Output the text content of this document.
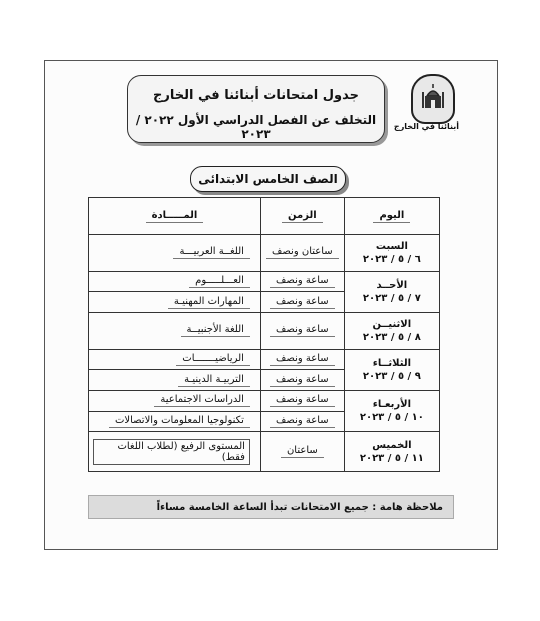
أبنائنا في الخارج
جدول امتحانات أبنائنا في الخارج
التخلف عن الفصل الدراسي الأول ٢٠٢٢ / ٢٠٢٣
الصف الخامس الابتدائى
اليوم	الزمن	المـــــادة

السبت
٦ / ٥ / ٢٠٢٣	ساعتان ونصف	اللغــة العربيـــة

الأحــد
٧ / ٥ / ٢٠٢٣	ساعة ونصف	العـــلـــــوم
	ساعة ونصف	المهارات المهنيـة

الاثنيــن
٨ / ٥ / ٢٠٢٣	ساعة ونصف	اللغة الأجنبيــة

الثلاثــاء
٩ / ٥ / ٢٠٢٣	ساعة ونصف	الرياضيـــــــات
	ساعة ونصف	التربيـة الدينيـة

الأربعـاء
١٠ / ٥ / ٢٠٢٣	ساعة ونصف	الدراسات الاجتماعية
	ساعة ونصف	تكنولوجيا المعلومات والاتصالات

الخميس
١١ / ٥ / ٢٠٢٣	ساعتان	المستوى الرفيع (لطلاب اللغات فقط)
ملاحظة هامة : جميع الامتحانات تبدأ الساعة الخامسة مساءاً
